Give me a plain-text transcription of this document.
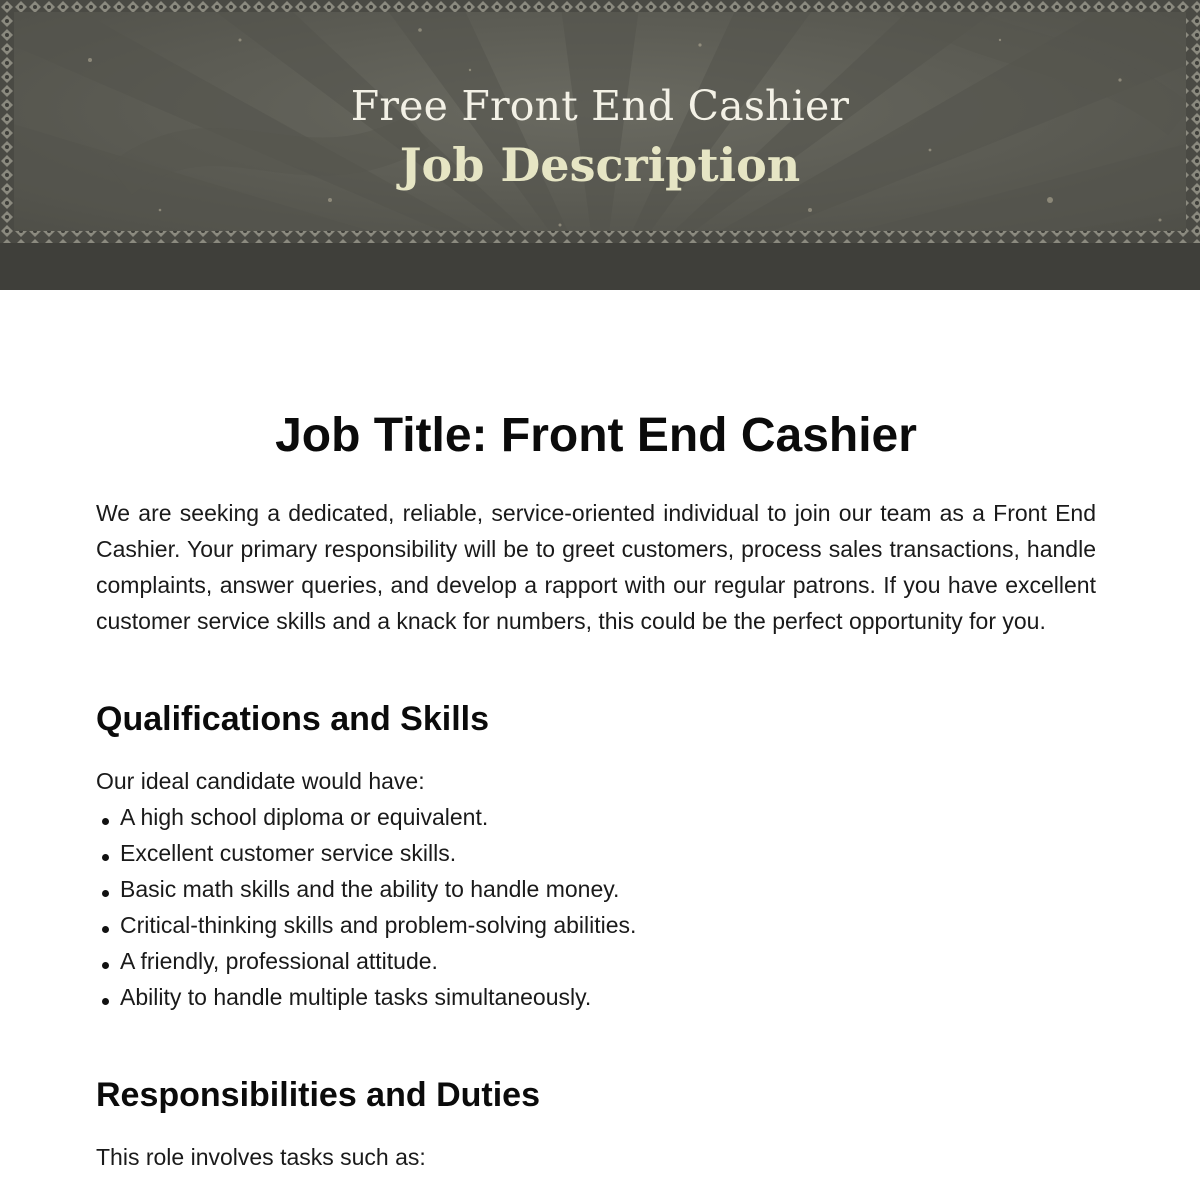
Free Front End Cashier
Job Description
Job Title: Front End Cashier

We are seeking a dedicated, reliable, service-oriented individual to join our team as a Front End Cashier. Your primary responsibility will be to greet customers, process sales transactions, handle complaints, answer queries, and develop a rapport with our regular patrons. If you have excellent customer service skills and a knack for numbers, this could be the perfect opportunity for you.

Qualifications and Skills

Our ideal candidate would have:

A high school diploma or equivalent.
Excellent customer service skills.
Basic math skills and the ability to handle money.
Critical-thinking skills and problem-solving abilities.
A friendly, professional attitude.
Ability to handle multiple tasks simultaneously.
Responsibilities and Duties

This role involves tasks such as:
